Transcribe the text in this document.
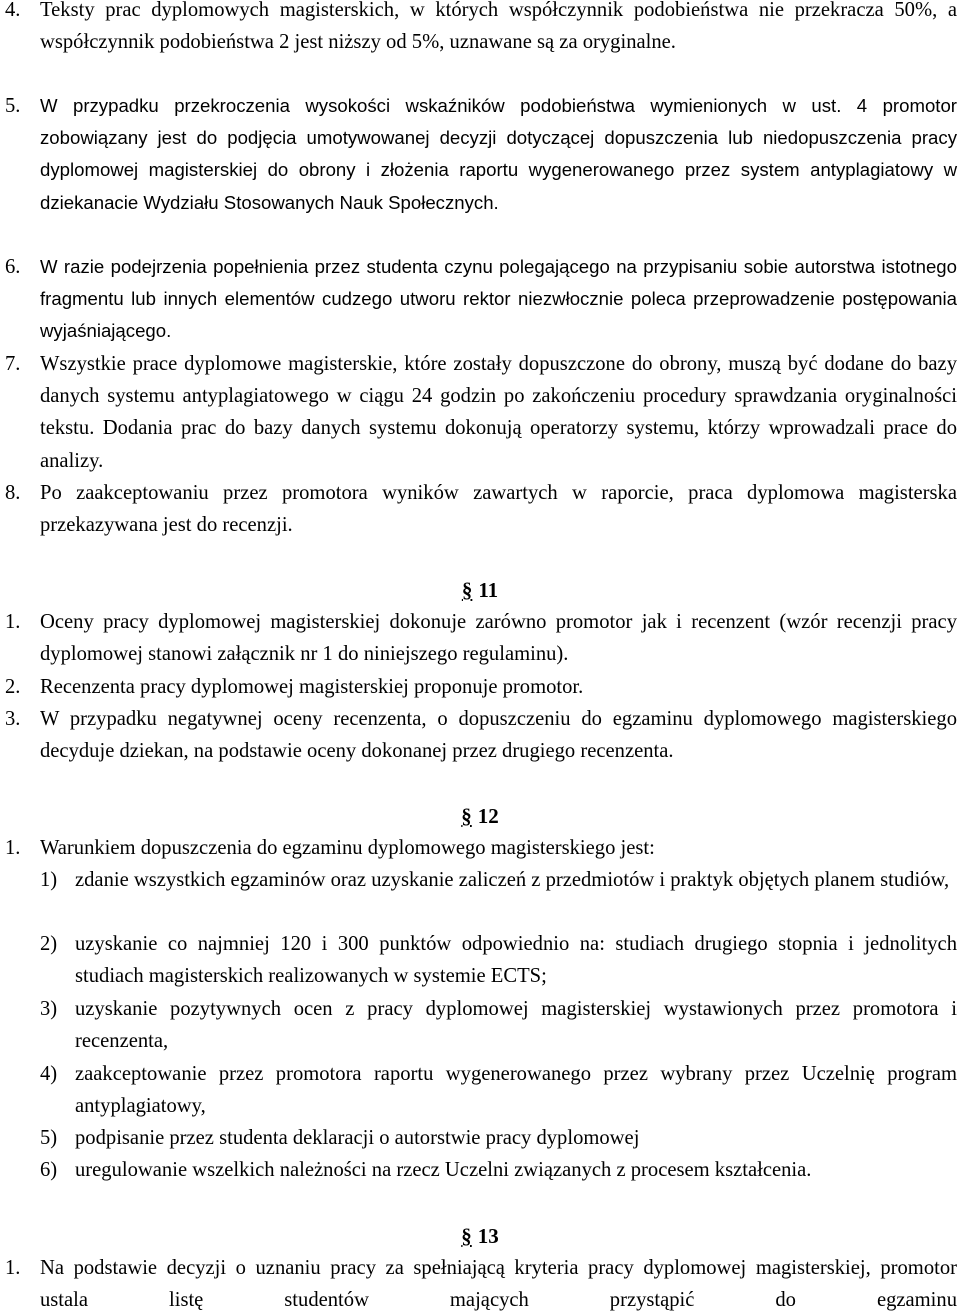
4. Teksty prac dyplomowych magisterskich, w których współczynnik podobieństwa nie przekracza 50%, a współczynnik podobieństwa 2 jest niższy od 5%, uznawane są za oryginalne.
5.	W przypadku przekroczenia wysokości wskaźników podobieństwa wymienionych w ust. 4 promotor zobowiązany jest do podjęcia umotywowanej decyzji dotyczącej dopuszczenia lub niedopuszczenia pracy dyplomowej magisterskiej do obrony i złożenia raportu wygenerowanego przez system antyplagiatowy w dziekanacie Wydziału Stosowanych Nauk Społecznych.
6.	W razie podejrzenia popełnienia przez studenta czynu polegającego na przypisaniu sobie autorstwa istotnego fragmentu lub innych elementów cudzego utworu rektor niezwłocznie poleca przeprowadzenie postępowania wyjaśniającego.
7. Wszystkie prace dyplomowe magisterskie, które zostały dopuszczone do obrony, muszą być dodane do bazy danych systemu antyplagiatowego w ciągu 24 godzin po zakończeniu procedury sprawdzania oryginalności tekstu. Dodania prac do bazy danych systemu dokonują operatorzy systemu, którzy wprowadzali prace do analizy.
8. Po zaakceptowaniu przez promotora wyników zawartych w raporcie, praca dyplomowa magisterska przekazywana jest do recenzji.
§ 11
1. Oceny pracy dyplomowej magisterskiej dokonuje zarówno promotor jak i recenzent (wzór recenzji pracy dyplomowej stanowi załącznik nr 1 do niniejszego regulaminu).
2. Recenzenta pracy dyplomowej magisterskiej proponuje promotor.
3. W przypadku negatywnej oceny recenzenta, o dopuszczeniu do egzaminu dyplomowego magisterskiego decyduje dziekan, na podstawie oceny dokonanej przez drugiego recenzenta.
§ 12
1. Warunkiem dopuszczenia do egzaminu dyplomowego magisterskiego jest:
1) zdanie wszystkich egzaminów oraz uzyskanie zaliczeń z przedmiotów i praktyk objętych planem studiów,
2) uzyskanie co najmniej 120 i 300 punktów odpowiednio na: studiach drugiego stopnia i jednolitych studiach magisterskich realizowanych w systemie ECTS;
3) uzyskanie pozytywnych ocen z pracy dyplomowej magisterskiej wystawionych przez promotora i recenzenta,
4) zaakceptowanie przez promotora raportu wygenerowanego przez wybrany przez Uczelnię program antyplagiatowy,
5) podpisanie przez studenta deklaracji o autorstwie pracy dyplomowej
6) uregulowanie wszelkich należności na rzecz Uczelni związanych z procesem kształcenia.
§ 13
1. Na podstawie decyzji o uznaniu pracy za spełniającą kryteria pracy dyplomowej magisterskiej, promotor ustala listę studentów mających przystąpić do egzaminu
